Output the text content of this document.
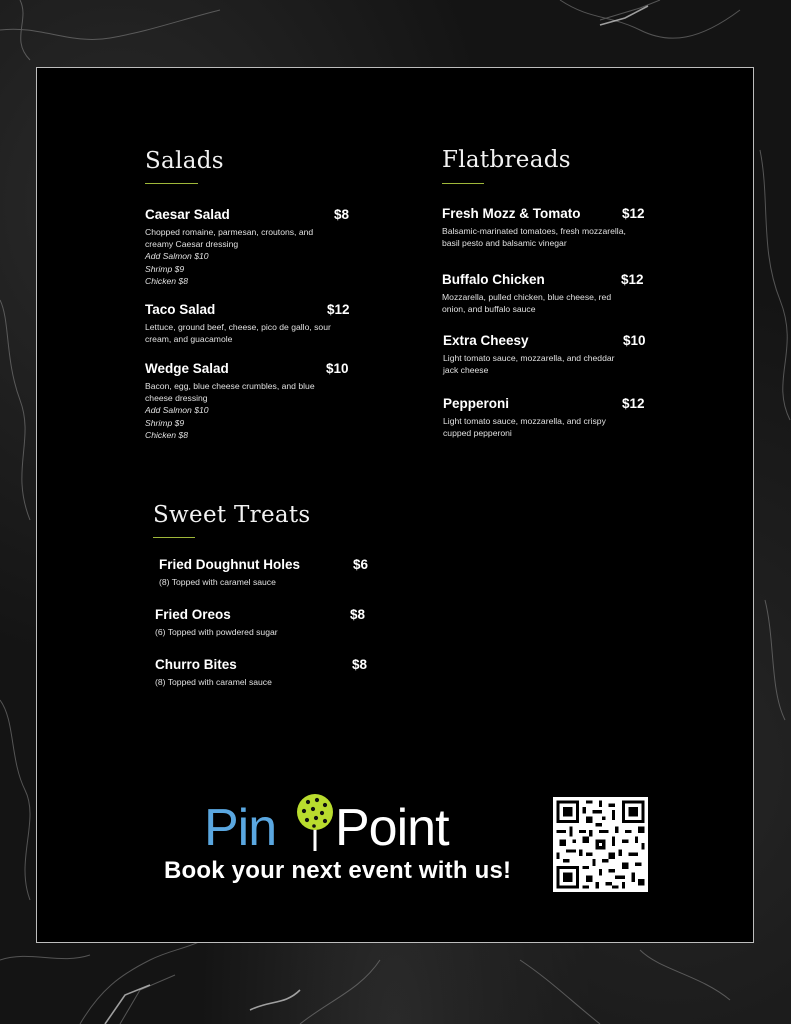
Salads
Caesar Salad	$8
Chopped romaine, parmesan, croutons, and
creamy Caesar dressing
Add Salmon $10
Shrimp $9
Chicken $8
Taco Salad	$12
Lettuce, ground beef, cheese, pico de gallo, sour
cream, and guacamole
Wedge Salad	$10
Bacon, egg, blue cheese crumbles, and blue
cheese dressing
Add Salmon $10
Shrimp $9
Chicken $8
Flatbreads
Fresh Mozz & Tomato	$12
Balsamic-marinated tomatoes, fresh mozzarella,
basil pesto and balsamic vinegar
Buffalo Chicken	$12
Mozzarella, pulled chicken, blue cheese, red
onion, and buffalo sauce
Extra Cheesy	$10
Light tomato sauce, mozzarella, and cheddar
jack cheese
Pepperoni	$12
Light tomato sauce, mozzarella, and crispy
cupped pepperoni
Sweet Treats
Fried Doughnut Holes	$6
(8) Topped with caramel sauce
Fried Oreos	$8
(6) Topped with powdered sugar
Churro Bites	$8
(8) Topped with caramel sauce
Pin Point
Book your next event with us!
